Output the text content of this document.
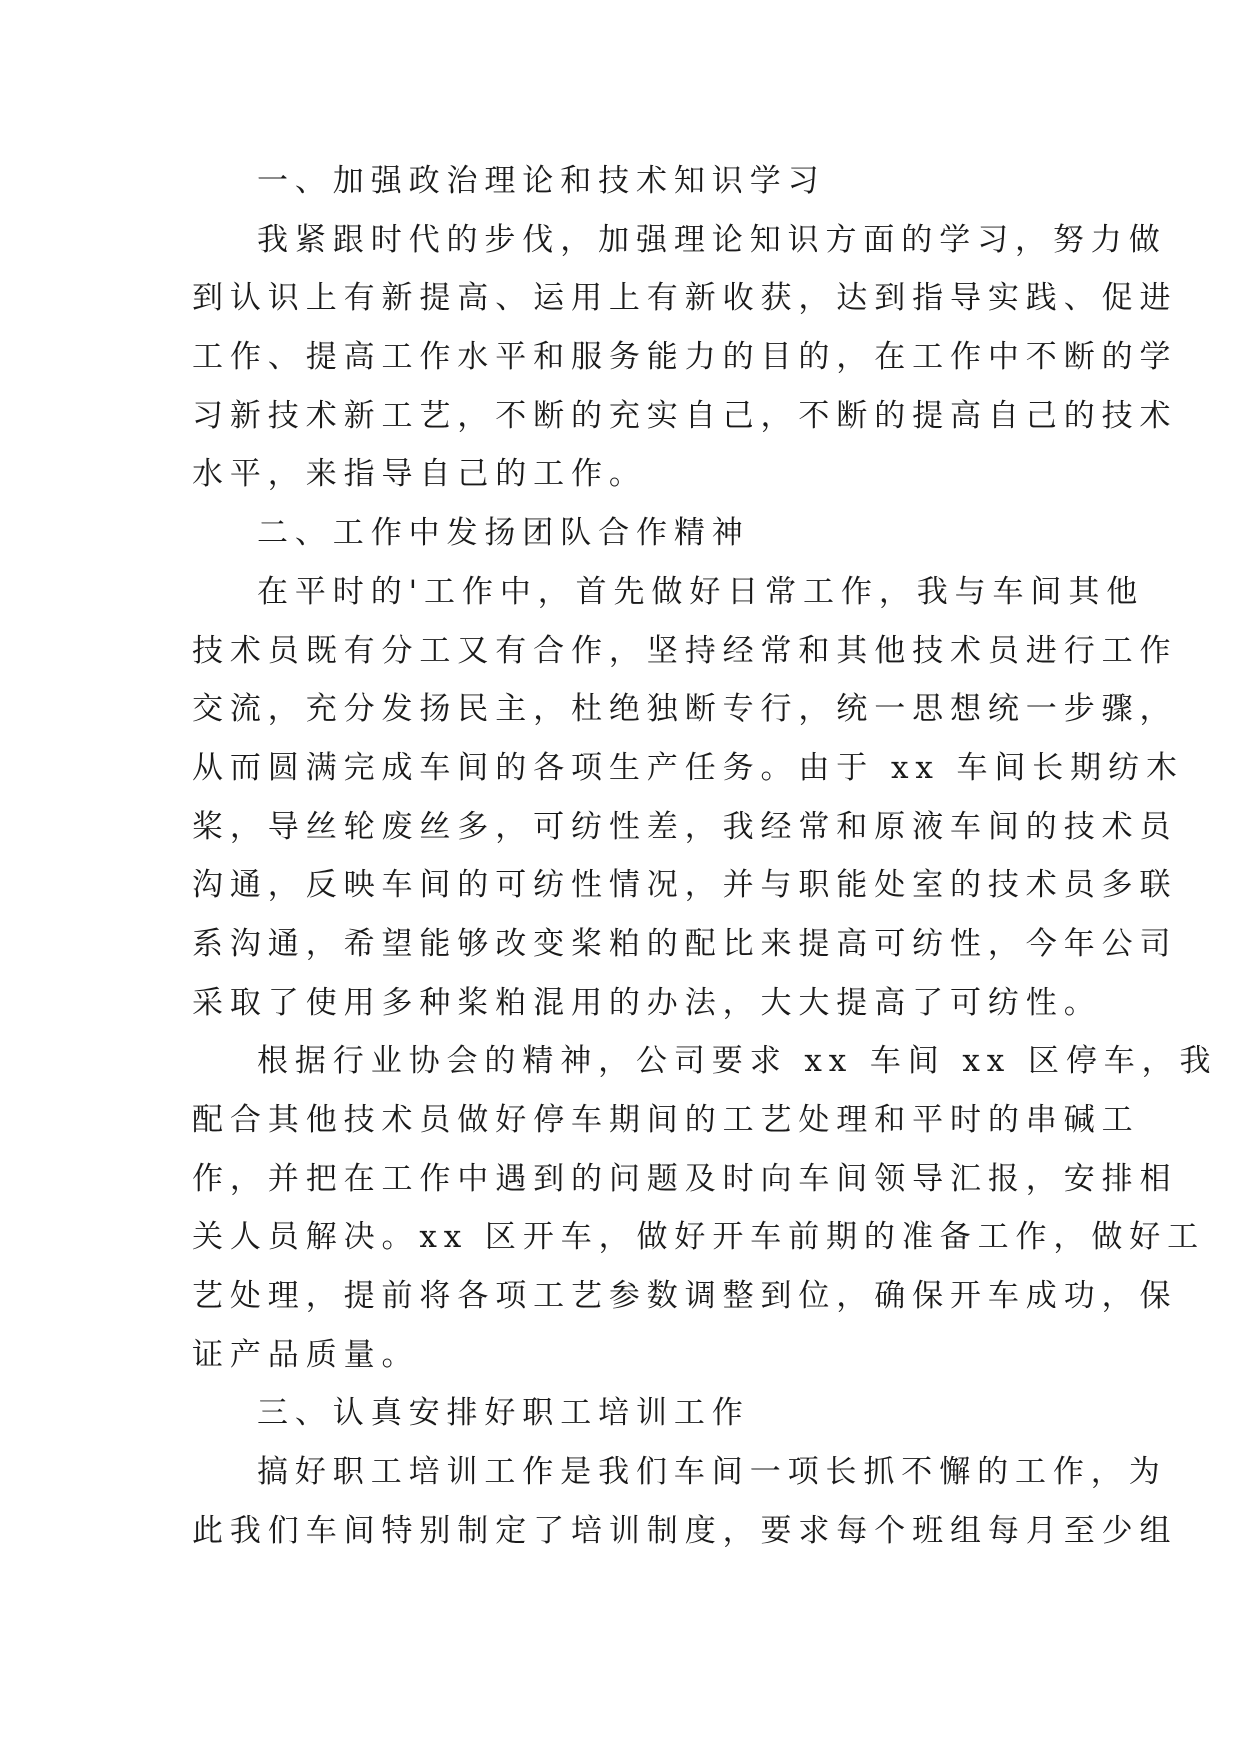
一、加强政治理论和技术知识学习
我紧跟时代的步伐，加强理论知识方面的学习，努力做
到认识上有新提高、运用上有新收获，达到指导实践、促进
工作、提高工作水平和服务能力的目的，在工作中不断的学
习新技术新工艺，不断的充实自己，不断的提高自己的技术
水平，来指导自己的工作。
二、工作中发扬团队合作精神
在平时的'工作中，首先做好日常工作，我与车间其他
技术员既有分工又有合作，坚持经常和其他技术员进行工作
交流，充分发扬民主，杜绝独断专行，统一思想统一步骤，
从而圆满完成车间的各项生产任务。由于 xx 车间长期纺木
桨，导丝轮废丝多，可纺性差，我经常和原液车间的技术员
沟通，反映车间的可纺性情况，并与职能处室的技术员多联
系沟通，希望能够改变桨粕的配比来提高可纺性，今年公司
采取了使用多种桨粕混用的办法，大大提高了可纺性。
根据行业协会的精神，公司要求 xx 车间 xx 区停车，我
配合其他技术员做好停车期间的工艺处理和平时的串碱工
作，并把在工作中遇到的问题及时向车间领导汇报，安排相
关人员解决。xx 区开车，做好开车前期的准备工作，做好工
艺处理，提前将各项工艺参数调整到位，确保开车成功，保
证产品质量。
三、认真安排好职工培训工作
搞好职工培训工作是我们车间一项长抓不懈的工作，为
此我们车间特别制定了培训制度，要求每个班组每月至少组
